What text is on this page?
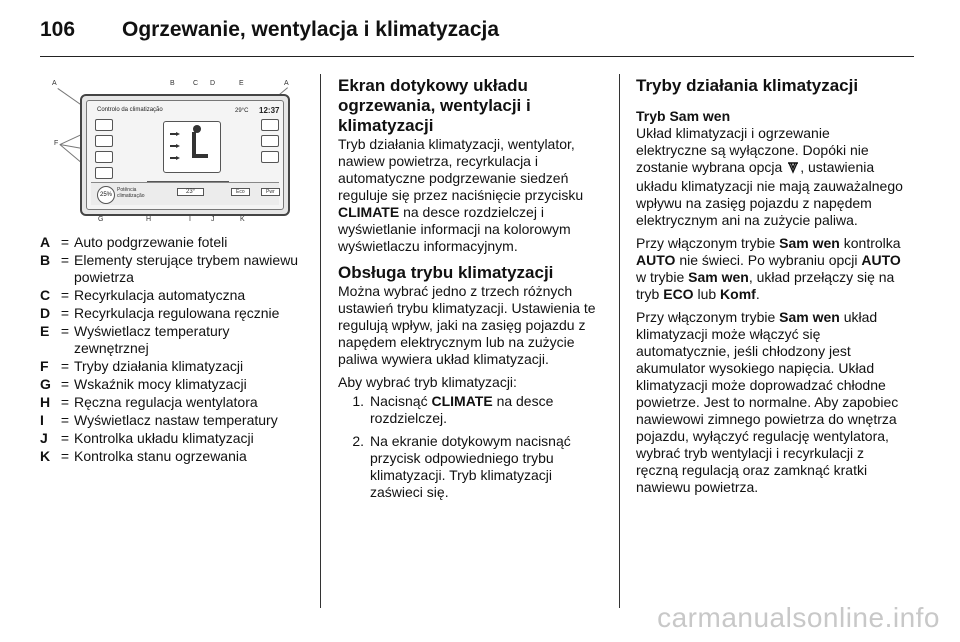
106 Ogrzewanie, wentylacja i klimatyzacja
A	B	C D	E	A
F
G	H	I	J	K
Controlo da climatização	29°C 12:37
25%
Potência climatização
23°	Eco	Pwr
A = Auto podgrzewanie foteli
B = Elementy sterujące trybem nawiewu powietrza
C = Recyrkulacja automatyczna
D = Recyrkulacja regulowana ręcznie
E = Wyświetlacz temperatury zewnętrznej
F = Tryby działania klimatyzacji
G = Wskaźnik mocy klimatyzacji
H = Ręczna regulacja wentylatora
I	= Wyświetlacz nastaw temperatury
J = Kontrolka układu klimatyzacji
K = Kontrolka stanu ogrzewania
Ekran dotykowy układu ogrzewania, wentylacji i klimatyzacji

Tryb działania klimatyzacji, wentylator, nawiew powietrza, recyrkulacja i automatyczne podgrzewanie siedzeń reguluje się przez naciśnięcie przycisku CLIMATE na desce rozdzielczej i wyświetlanie informacji na kolorowym wyświetlaczu informacyjnym.

Obsługa trybu klimatyzacji

Można wybrać jedno z trzech różnych ustawień trybu klimatyzacji. Ustawienia te regulują wpływ, jaki na zasięg pojazdu z napędem elektrycznym lub na zużycie paliwa wywiera układ klimatyzacji.

Aby wybrać tryb klimatyzacji:

1. Nacisnąć CLIMATE na desce rozdzielczej.
2. Na ekranie dotykowym nacisnąć przycisk odpowiedniego trybu klimatyzacji. Tryb klimatyzacji zaświeci się.
Tryby działania klimatyzacji
Tryb Sam wen

Układ klimatyzacji i ogrzewanie elektryczne są wyłączone. Dopóki nie zostanie wybrana opcja , ustawienia układu klimatyzacji nie mają zauważalnego wpływu na zasięg pojazdu z napędem elektrycznym ani na zużycie paliwa.

Przy włączonym trybie Sam wen kontrolka AUTO nie świeci. Po wybraniu opcji AUTO w trybie Sam wen, układ przełączy się na tryb ECO lub Komf.

Przy włączonym trybie Sam wen układ klimatyzacji może włączyć się automatycznie, jeśli chłodzony jest akumulator wysokiego napięcia. Układ klimatyzacji może doprowadzać chłodne powietrze. Jest to normalne. Aby zapobiec nawiewowi zimnego powietrza do wnętrza pojazdu, wyłączyć regulację wentylatora, wybrać tryb wentylacji i recyrkulacji z ręczną regulacją oraz zamknąć kratki nawiewu powietrza.

carmanualsonline.info
